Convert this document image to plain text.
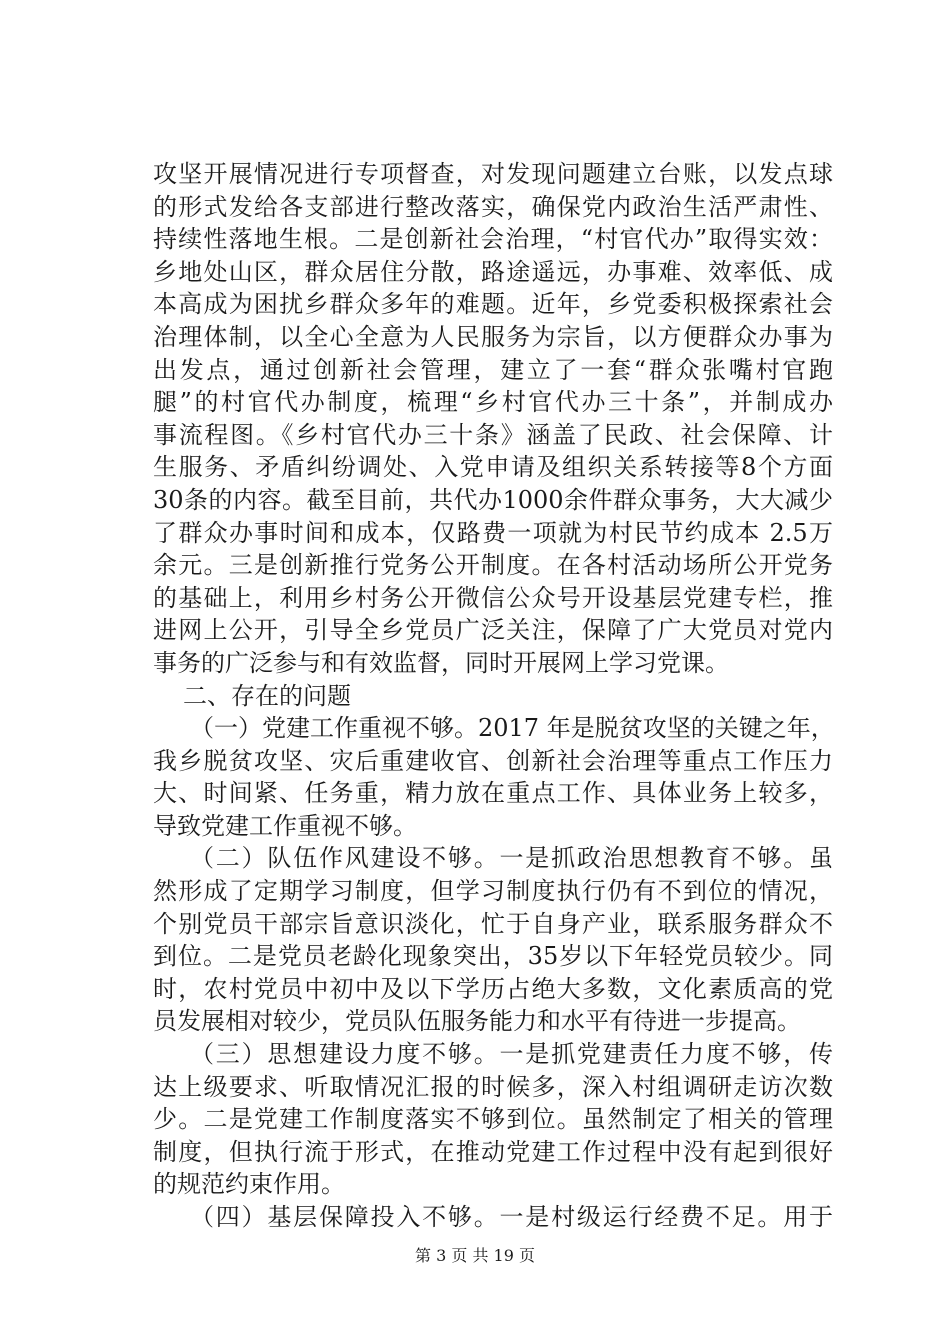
攻坚开展情况进行专项督查，对发现问题建立台账，以发点球
的形式发给各支部进行整改落实，确保党内政治生活严肃性、
持续性落地生根。二是创新社会治理，“村官代办”取得实效：
乡地处山区，群众居住分散，路途遥远，办事难、效率低、成
本高成为困扰乡群众多年的难题。近年，乡党委积极探索社会
治理体制，以全心全意为人民服务为宗旨，以方便群众办事为
出发点，通过创新社会管理，建立了一套“群众张嘴村官跑
腿”的村官代办制度，梳理“乡村官代办三十条”，并制成办
事流程图。《乡村官代办三十条》涵盖了民政、社会保障、计
生服务、矛盾纠纷调处、入党申请及组织关系转接等8个方面
30条的内容。截至目前，共代办1000余件群众事务，大大减少
了群众办事时间和成本，仅路费一项就为村民节约成本 2.5万
余元。三是创新推行党务公开制度。在各村活动场所公开党务
的基础上，利用乡村务公开微信公众号开设基层党建专栏，推
进网上公开，引导全乡党员广泛关注，保障了广大党员对党内
事务的广泛参与和有效监督，同时开展网上学习党课。
二、存在的问题
（一）党建工作重视不够。2017 年是脱贫攻坚的关键之年，
我乡脱贫攻坚、灾后重建收官、创新社会治理等重点工作压力
大、时间紧、任务重，精力放在重点工作、具体业务上较多，
导致党建工作重视不够。
（二）队伍作风建设不够。一是抓政治思想教育不够。虽
然形成了定期学习制度，但学习制度执行仍有不到位的情况，
个别党员干部宗旨意识淡化，忙于自身产业，联系服务群众不
到位。二是党员老龄化现象突出，35岁以下年轻党员较少。同
时，农村党员中初中及以下学历占绝大多数，文化素质高的党
员发展相对较少，党员队伍服务能力和水平有待进一步提高。
（三）思想建设力度不够。一是抓党建责任力度不够，传
达上级要求、听取情况汇报的时候多，深入村组调研走访次数
少。二是党建工作制度落实不够到位。虽然制定了相关的管理
制度，但执行流于形式，在推动党建工作过程中没有起到很好
的规范约束作用。
（四）基层保障投入不够。一是村级运行经费不足。用于
第 3 页 共 19 页
